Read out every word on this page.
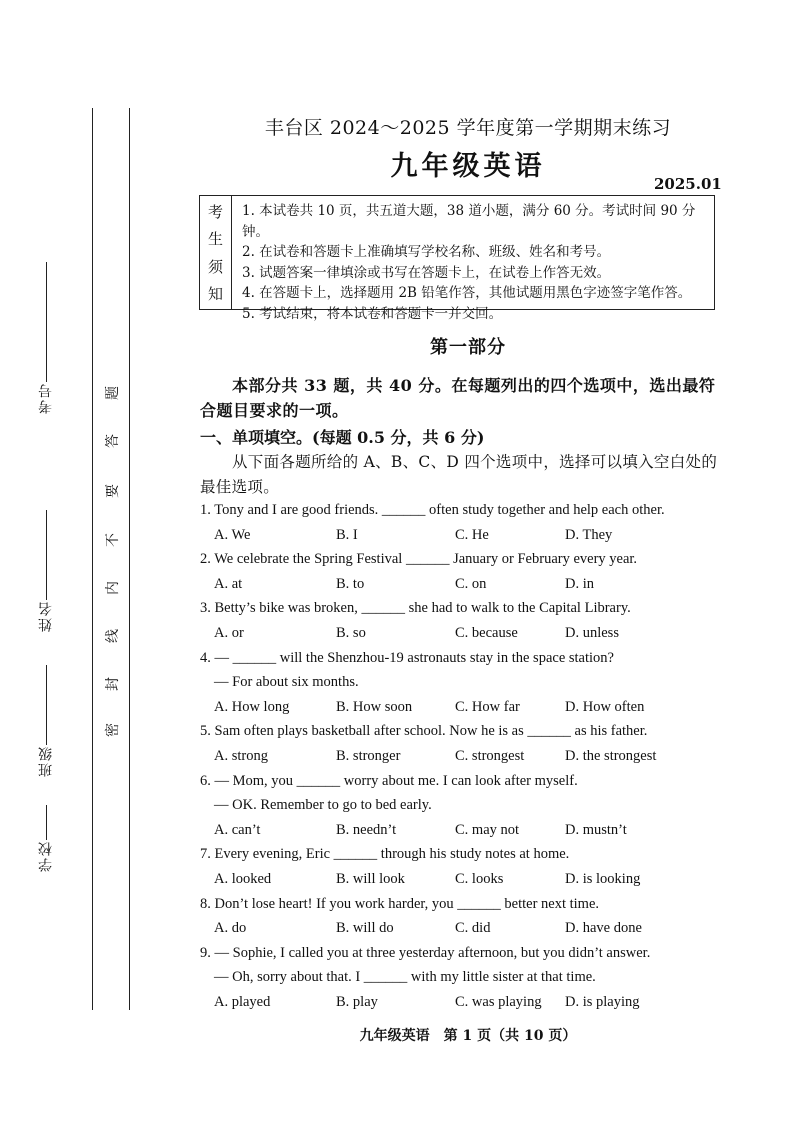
学校
班级
姓名
考号
密
封
线
内
不
要
答
题
丰台区 2024～2025 学年度第一学期期末练习
九年级英语
2025.01
考
生
须
知
1. 本试卷共 10 页，共五道大题，38 道小题，满分 60 分。考试时间 90 分钟。
2. 在试卷和答题卡上准确填写学校名称、班级、姓名和考号。
3. 试题答案一律填涂或书写在答题卡上，在试卷上作答无效。
4. 在答题卡上，选择题用 2B 铅笔作答，其他试题用黑色字迹签字笔作答。
5. 考试结束，将本试卷和答题卡一并交回。
第一部分
本部分共 33 题，共 40 分。在每题列出的四个选项中，选出最符合题目要求的一项。
一、单项填空。(每题 0.5 分，共 6 分)
从下面各题所给的 A、B、C、D 四个选项中，选择可以填入空白处的最佳选项。
1. Tony and I are good friends. ______ often study together and help each other.
A. We	B. I	C. He	D. They
2. We celebrate the Spring Festival ______ January or February every year.
A. at	B. to	C. on	D. in
3. Betty’s bike was broken, ______ she had to walk to the Capital Library.
A. or	B. so	C. because	D. unless
4. — ______ will the Shenzhou-19 astronauts stay in the space station?
— For about six months.
A. How long	B. How soon	C. How far	D. How often
5. Sam often plays basketball after school. Now he is as ______ as his father.
A. strong	B. stronger	C. strongest	D. the strongest
6. — Mom, you ______ worry about me. I can look after myself.
— OK. Remember to go to bed early.
A. can’t	B. needn’t	C. may not	D. mustn’t
7. Every evening, Eric ______ through his study notes at home.
A. looked	B. will look	C. looks	D. is looking
8. Don’t lose heart! If you work harder, you ______ better next time.
A. do	B. will do	C. did	D. have done
9. — Sophie, I called you at three yesterday afternoon, but you didn’t answer.
— Oh, sorry about that. I ______ with my little sister at that time.
A. played	B. play	C. was playing D. is playing
九年级英语　第 1 页（共 10 页）
